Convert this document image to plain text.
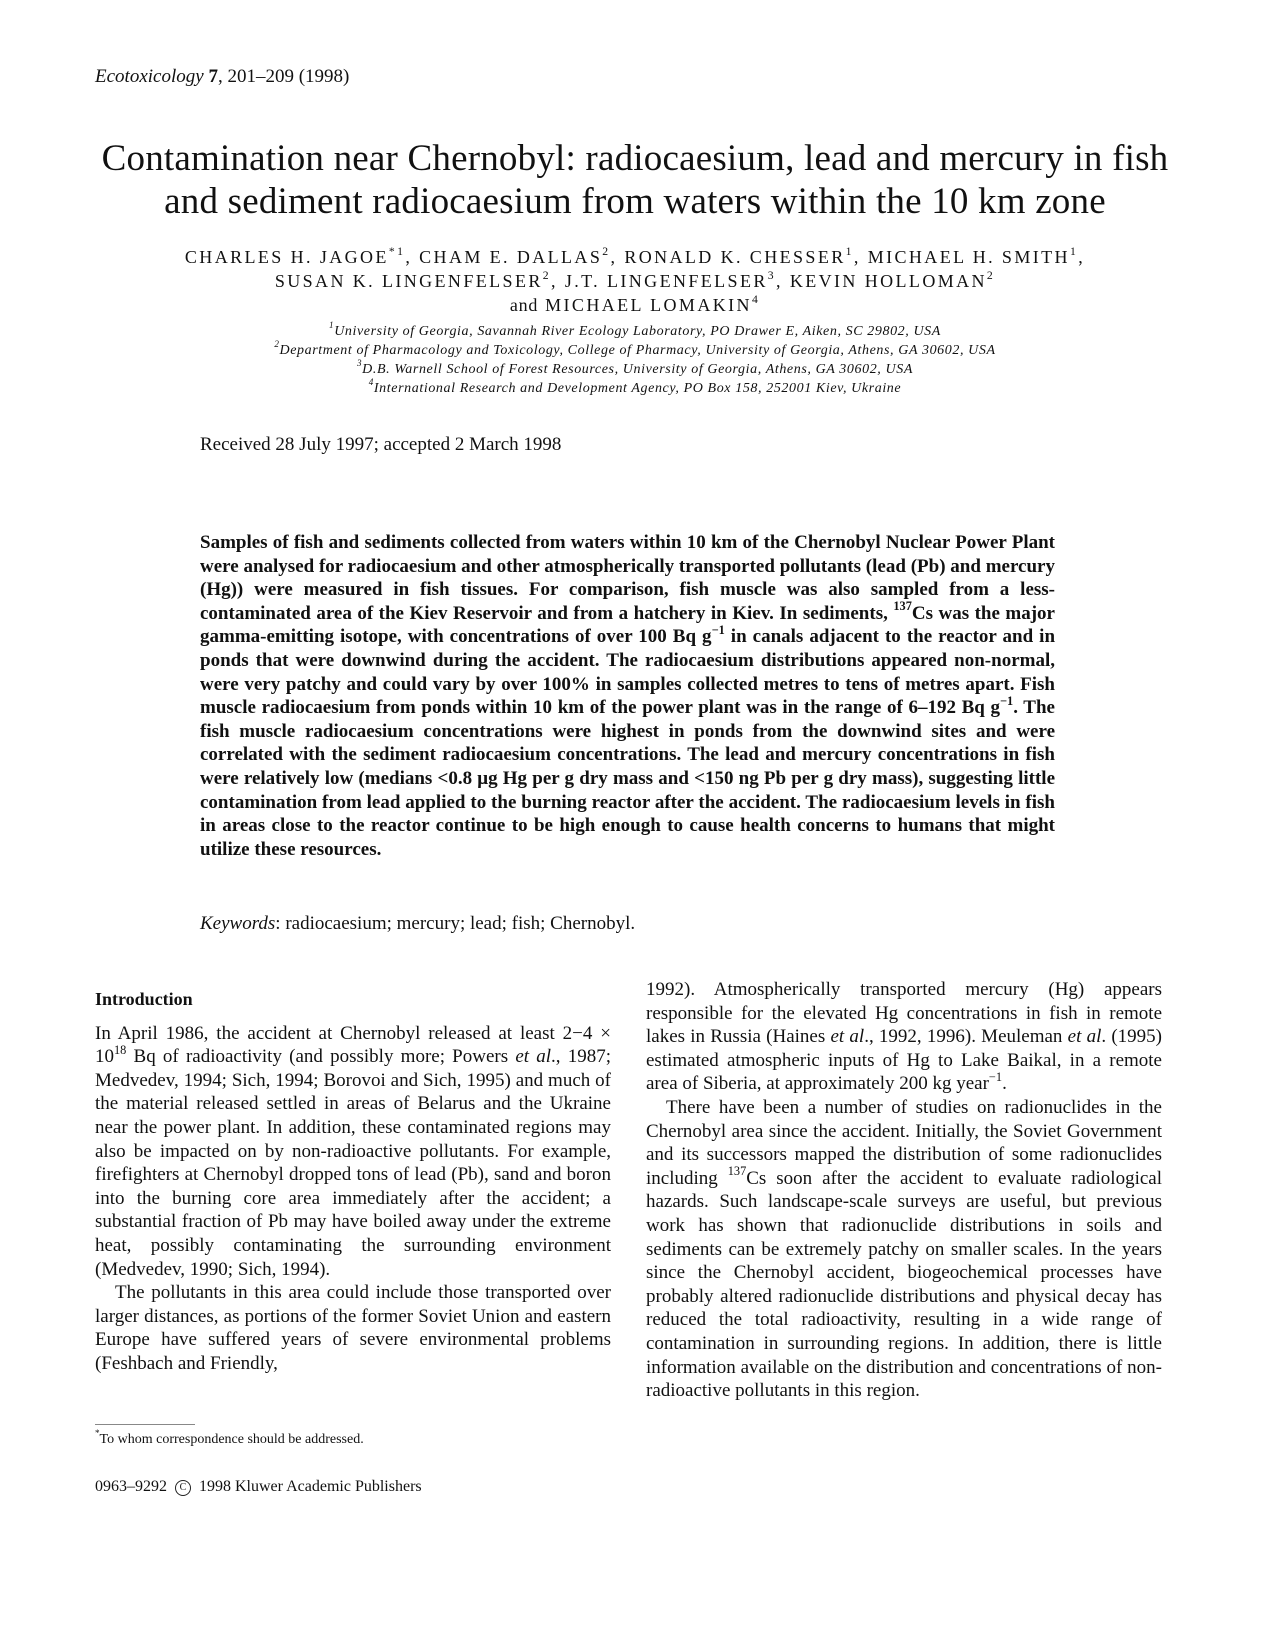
Ecotoxicology 7, 201–209 (1998)
Contamination near Chernobyl: radiocaesium, lead and mercury in fish and sediment radiocaesium from waters within the 10 km zone
CHARLES H. JAGOE$^{*1}$, CHAM E. DALLAS$^2$, RONALD K. CHESSER$^1$, MICHAEL H. SMITH$^1$,
SUSAN K. LINGENFELSER$^2$, J.T. LINGENFELSER$^3$, KEVIN HOLLOMAN$^2$
and MICHAEL LOMAKIN$^4$
$^1$University of Georgia, Savannah River Ecology Laboratory, PO Drawer E, Aiken, SC 29802, USA
$^2$Department of Pharmacology and Toxicology, College of Pharmacy, University of Georgia, Athens, GA 30602, USA
$^3$D.B. Warnell School of Forest Resources, University of Georgia, Athens, GA 30602, USA
$^4$International Research and Development Agency, PO Box 158, 252001 Kiev, Ukraine
Received 28 July 1997; accepted 2 March 1998
Samples of fish and sediments collected from waters within 10 km of the Chernobyl Nuclear Power Plant were analysed for radiocaesium and other atmospherically transported pollutants (lead (Pb) and mercury (Hg)) were measured in fish tissues. For comparison, fish muscle was also sampled from a less-contaminated area of the Kiev Reservoir and from a hatchery in Kiev. In sediments, $^{137}$Cs was the major gamma-emitting isotope, with concentrations of over 100 Bq $g^{-1}$ in canals adjacent to the reactor and in ponds that were downwind during the accident. The radiocaesium distributions appeared non-normal, were very patchy and could vary by over 100% in samples collected metres to tens of metres apart. Fish muscle radiocaesium from ponds within 10 km of the power plant was in the range of 6–192 Bq $g^{-1}$. The fish muscle radiocaesium concentrations were highest in ponds from the downwind sites and were correlated with the sediment radiocaesium concentrations. The lead and mercury concentrations in fish were relatively low (medians <0.8 μg Hg per g dry mass and <150 ng Pb per g dry mass), suggesting little contamination from lead applied to the burning reactor after the accident. The radiocaesium levels in fish in areas close to the reactor continue to be high enough to cause health concerns to humans that might utilize these resources.
Keywords: radiocaesium; mercury; lead; fish; Chernobyl.
Introduction

In April 1986, the accident at Chernobyl released at least $2-4 \times 10^{18}$ Bq of radioactivity (and possibly more; Powers et al., 1987; Medvedev, 1994; Sich, 1994; Borovoi and Sich, 1995) and much of the material released settled in areas of Belarus and the Ukraine near the power plant. In addition, these contaminated regions may also be impacted on by non-radioactive pollutants. For example, firefighters at Chernobyl dropped tons of lead (Pb), sand and boron into the burning core area immediately after the accident; a substantial fraction of Pb may have boiled away under the extreme heat, possibly contaminating the surrounding environment (Medvedev, 1990; Sich, 1994).

The pollutants in this area could include those transported over larger distances, as portions of the former Soviet Union and eastern Europe have suffered years of severe environmental problems (Feshbach and Friendly,

1992). Atmospherically transported mercury (Hg) appears responsible for the elevated Hg concentrations in fish in remote lakes in Russia (Haines et al., 1992, 1996). Meuleman et al. (1995) estimated atmospheric inputs of Hg to Lake Baikal, in a remote area of Siberia, at approximately 200 kg year$^{-1}$.

There have been a number of studies on radionuclides in the Chernobyl area since the accident. Initially, the Soviet Government and its successors mapped the distribution of some radionuclides including $^{137}$Cs soon after the accident to evaluate radiological hazards. Such landscape-scale surveys are useful, but previous work has shown that radionuclide distributions in soils and sediments can be extremely patchy on smaller scales. In the years since the Chernobyl accident, biogeochemical processes have probably altered radionuclide distributions and physical decay has reduced the total radioactivity, resulting in a wide range of contamination in surrounding regions. In addition, there is little information available on the distribution and concentrations of non-radioactive pollutants in this region.

*To whom correspondence should be addressed.
0963–9292 C 1998 Kluwer Academic Publishers
